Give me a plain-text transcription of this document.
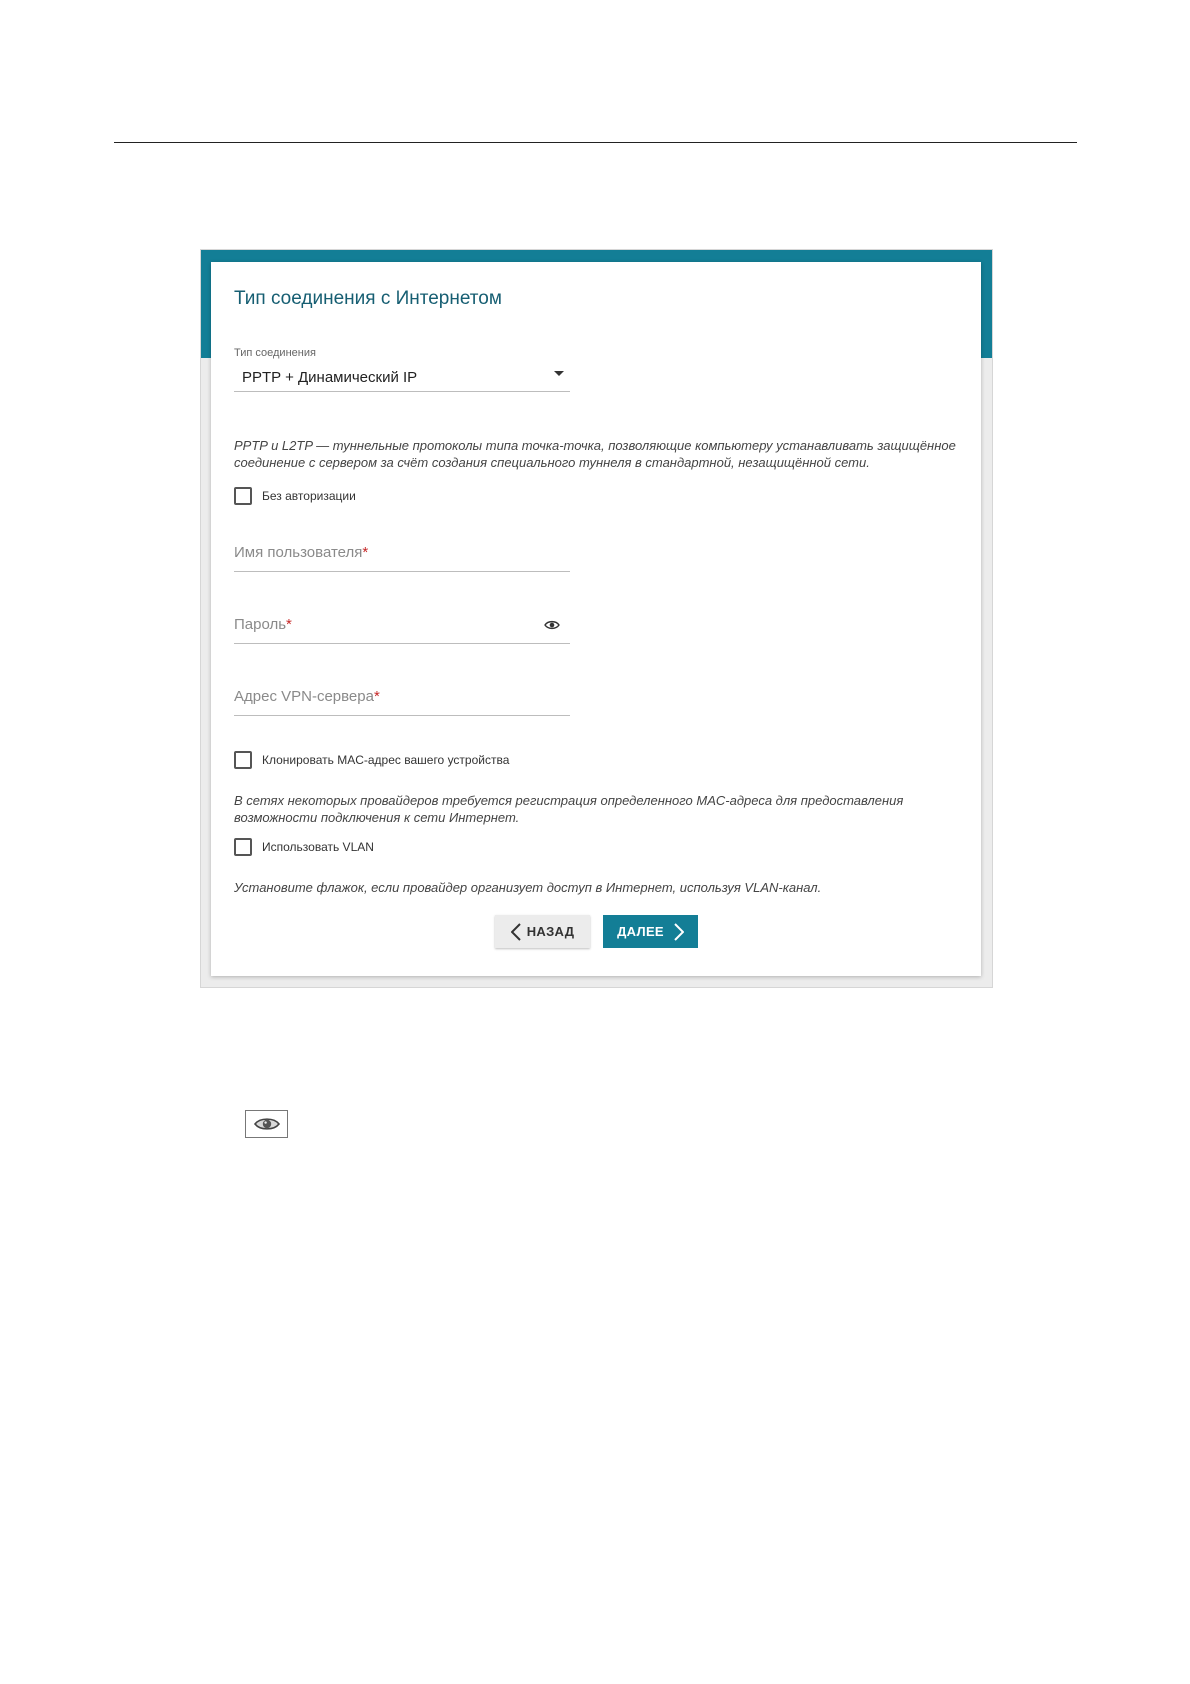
Тип соединения с Интернетом
Тип соединения
PPTP + Динамический IP
PPTP и L2TP — туннельные протоколы типа точка-точка, позволяющие компьютеру устанавливать защищённое соединение с сервером за счёт создания специального туннеля в стандартной, незащищённой сети.
Без авторизации
Имя пользователя*
Пароль*
Адрес VPN-сервера*
Клонировать MAC-адрес вашего устройства
В сетях некоторых провайдеров требуется регистрация определенного MAC-адреса для предоставления возможности подключения к сети Интернет.
Использовать VLAN
Установите флажок, если провайдер организует доступ в Интернет, используя VLAN-канал.
НАЗАД	ДАЛЕЕ
